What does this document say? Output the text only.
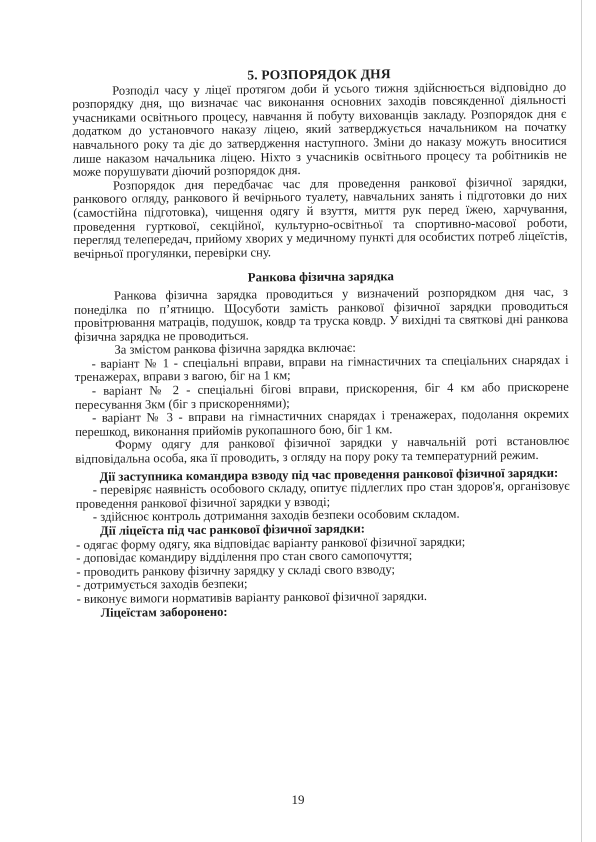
5. РОЗПОРЯДОК ДНЯ

Розподіл часу у ліцеї протягом доби й усього тижня здійснюється відповідно до розпорядку дня, що визначає час виконання основних заходів повсякденної діяльності учасниками освітнього процесу, навчання й побуту вихованців закладу. Розпорядок дня є додатком до установчого наказу ліцею, який затверджується начальником на початку навчального року та діє до затвердження наступного. Зміни до наказу можуть вноситися лише наказом начальника ліцею. Ніхто з учасників освітнього процесу та робітників не може порушувати діючий розпорядок дня.

Розпорядок дня передбачає час для проведення ранкової фізичної зарядки, ранкового огляду, ранкового й вечірнього туалету, навчальних занять і підготовки до них (самостійна підготовка), чищення одягу й взуття, миття рук перед їжею, харчування, проведення гурткової, секційної, культурно-освітньої та спортивно-масової роботи, перегляд телепередач, прийому хворих у медичному пункті для особистих потреб ліцеїстів, вечірньої прогулянки, перевірки сну.

Ранкова фізична зарядка

Ранкова фізична зарядка проводиться у визначений розпорядком дня час, з понеділка по п’ятницю. Щосуботи замість ранкової фізичної зарядки проводиться провітрювання матраців, подушок, ковдр та труска ковдр. У вихідні та святкові дні ранкова фізична зарядка не проводиться.

За змістом ранкова фізична зарядка включає:

- варіант № 1 - спеціальні вправи, вправи на гімнастичних та спеціальних снарядах і тренажерах, вправи з вагою, біг на 1 км;

- варіант № 2 - спеціальні бігові вправи, прискорення, біг 4 км або прискорене пересування 3км (біг з прискореннями);

- варіант № 3 - вправи на гімнастичних снарядах і тренажерах, подолання окремих перешкод, виконання прийомів рукопашного бою, біг 1 км.

Форму одягу для ранкової фізичної зарядки у навчальній роті встановлює відповідальна особа, яка її проводить, з огляду на пору року та температурний режим.

Дії заступника командира взводу під час проведення ранкової фізичної зарядки:

- перевіряє наявність особового складу, опитує підлеглих про стан здоров'я, організовує проведення ранкової фізичної зарядки у взводі;

- здійснює контроль дотримання заходів безпеки особовим складом.

Дії ліцеїста під час ранкової фізичної зарядки:

- одягає форму одягу, яка відповідає варіанту ранкової фізичної зарядки;

- доповідає командиру відділення про стан свого самопочуття;

- проводить ранкову фізичну зарядку у складі свого взводу;

- дотримується заходів безпеки;

- виконує вимоги нормативів варіанту ранкової фізичної зарядки.

Ліцеїстам заборонено:

19
